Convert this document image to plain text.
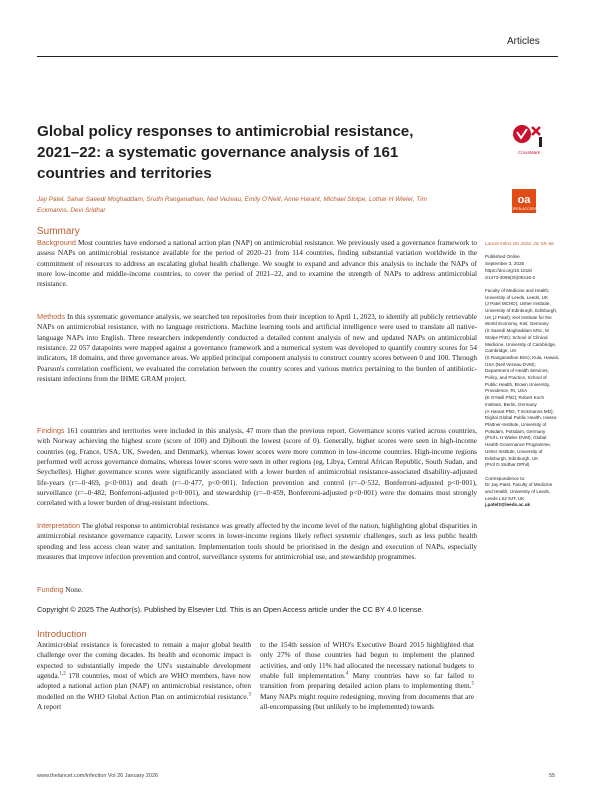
Articles
Global policy responses to antimicrobial resistance, 2021–22: a systematic governance analysis of 161 countries and territories
CrossMark
oa
OPEN ACCESS
Jay Patel, Sahar Saeedi Moghaddam, Sruthi Ranganathan, Neil Vezeau, Emily O'Neill, Anne Harant, Michael Stolpe, Lothar H Wieler, Tim Eckmanns, Devi Sridhar
Summary
Background Most countries have endorsed a national action plan (NAP) on antimicrobial resistance. We previously used a governance framework to assess NAPs on antimicrobial resistance available for the period of 2020–21 from 114 countries, finding substantial variation worldwide in the commitment of resources to address an escalating global health challenge. We sought to expand and advance this analysis to include the NAPs of more low-income and middle-income countries, to cover the period of 2021–22, and to examine the strength of NAPs to address antimicrobial resistance.
Methods In this systematic governance analysis, we searched ten repositories from their inception to April 1, 2023, to identify all publicly retrievable NAPs on antimicrobial resistance, with no language restrictions. Machine learning tools and artificial intelligence were used to translate all native-language NAPs into English. Three researchers independently conducted a detailed content analysis of new and updated NAPs on antimicrobial resistance. 22 057 datapoints were mapped against a governance framework and a numerical system was developed to quantify country scores for 54 indicators, 18 domains, and three governance areas. We applied principal component analysis to construct country scores between 0 and 100. Through Pearson's correlation coefficient, we evaluated the correlation between the country scores and various metrics pertaining to the burden of antibiotic-resistant infections from the IHME GRAM project.
Findings 161 countries and territories were included in this analysis, 47 more than the previous report. Governance scores varied across countries, with Norway achieving the highest score (score of 100) and Djibouti the lowest (score of 0). Generally, higher scores were seen in high-income countries (eg, France, USA, UK, Sweden, and Denmark), whereas lower scores were more common in low-income countries. High-income regions performed well across governance domains, whereas lower scores were seen in other regions (eg, Libya, Central African Republic, South Sudan, and Seychelles). Higher governance scores were significantly associated with a lower burden of antimicrobial resistance-associated disability-adjusted life-years (r=–0·469, p<0·001) and death (r=–0·477, p<0·001). Infection prevention and control (r=–0·532, Bonferroni-adjusted p<0·001), surveillance (r=–0·482, Bonferroni-adjusted p<0·001), and stewardship (r=–0·459, Bonferroni-adjusted p<0·001) were the domains most strongly correlated with a lower burden of drug-resistant infections.
Interpretation The global response to antimicrobial resistance was greatly affected by the income level of the nation, highlighting global disparities in antimicrobial resistance governance capacity. Lower scores in lower-income regions likely reflect systemic challenges, such as less public health spending and less access clean water and sanitation. Implementation tools should be prioritised in the design and execution of NAPs, especially measures that improve infection prevention and control, surveillance systems for antimicrobial use, and stewardship programmes.
Funding None.
Copyright © 2025 The Author(s). Published by Elsevier Ltd. This is an Open Access article under the CC BY 4.0 license.
Introduction
Antimicrobial resistance is forecasted to remain a major global health challenge over the coming decades. Its health and economic impact is expected to substantially impede the UN's sustainable development agenda.$^{1,2}$ 178 countries, most of which are WHO members, have now adopted a national action plan (NAP) on antimicrobial resistance, often modelled on the WHO Global Action Plan on antimicrobial resistance.$^3$ A report
to the 154th session of WHO's Executive Board 2015 highlighted that only 27% of those countries had begun to implement the planned activities, and only 11% had allocated the necessary national budgets to enable full implementation.$^4$ Many countries have so far failed to transition from preparing detailed action plans to implementing them.$^5$ Many NAPs might require redesigning, moving from documents that are all-encompassing (but unlikely to be implemented) towards
Lancet Infect Dis 2026; 26: 55–66

Published Online
September 3, 2025
https://doi.org/10.1016/
S1473-3099(25)00416-2

Faculty of Medicine and Health, University of Leeds, Leeds, UK
(J Patel MCHD); Usher Institute, University of Edinburgh, Edinburgh, UK (J Patel); Kiel Institute for the World Economy, Kiel, Germany
(S Saeedi Moghaddam MSc, M Stolpe PhD); School of Clinical Medicine, University of Cambridge, Cambridge, UK
(S Ranganathan BSc); Kula, Hawaii, USA (Neil Vezeau DVM); Department of Health Services, Policy, and Practice, School of Public Health, Brown University, Providence, RI, USA
(E O'Neill PhD); Robert Koch Institute, Berlin, Germany
(A Harant PhD, T Eckmanns MD); Digital Global Public Health, Hasso-Plattner-Institute, University of Potsdam, Potsdam, Germany
(Prof L H Wieler DVM); Global Health Governance Programme, Usher Institute, University of Edinburgh, Edinburgh, UK
(Prof D Sridhar DPhil)

Correspondence to:
Dr Jay Patel, Faculty of Medicine and Health, University of Leeds, Leeds LS2 9JT, UK
j.patel3@leeds.ac.uk
www.thelancet.com/infection Vol 26 January 2026	55
